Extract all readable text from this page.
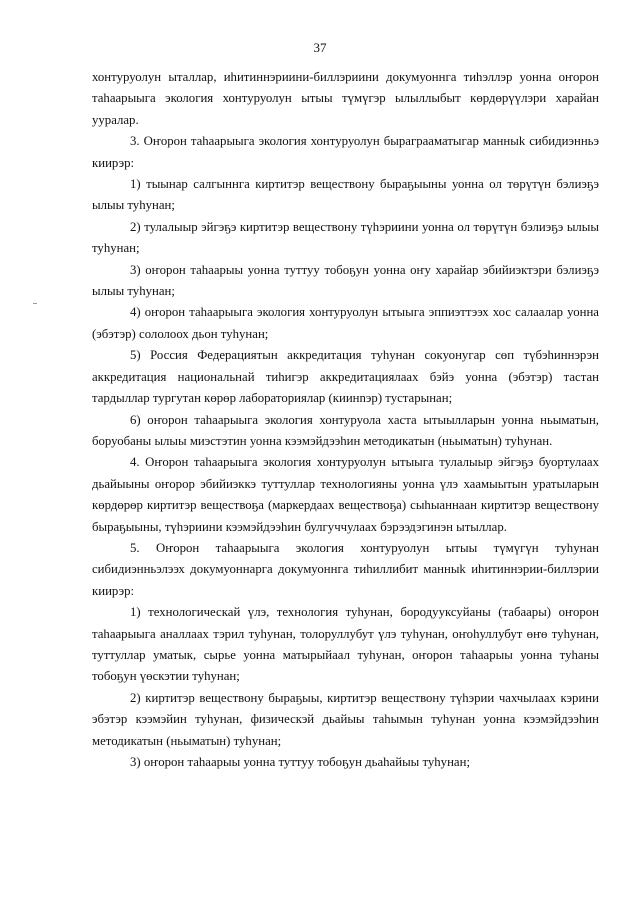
37

хонтуруолун ыталлар, иhитиннэриини-биллэриини докумуоннга тиhэллэр уонна оҥорон таhаарыыга экология хонтуруолун ытыы түмүгэр ылыллыбыт көрдөрүүлэри харайан ууралар.

3. Оҥорон таhаарыыга экология хонтуруолун быраграаматыгар манныk сибидиэнньэ киирэр:

1) тыынар салгыннга киртитэр веществону быраҕыыны уонна ол төрүтүн бэлиэҕэ ылыы туhунан;

2) тулалыыр эйгэҕэ киртитэр веществону түhэриини уонна ол төрүтүн бэлиэҕэ ылыы туhунан;

3) оҥорон таhаарыы уонна туттуу тобоҕун уонна оҥу харайар эбийиэктэри бэлиэҕэ ылыы туhунан;

4) оҥорон таhаарыыга экология хонтуруолун ытыыга эппиэттээх хос салаалар уонна (эбэтэр) сололоох дьон туhунан;

5) Россия Федерациятын аккредитация туhунан сокуонугар сөп түбэhиннэрэн аккредитация национальнай тиhигэр аккредитациялаах бэйэ уонна (эбэтэр) тастан тардыллар тургутан көрөр лабораториялар (киинnэр) тустарынан;

6) оҥорон таhаарыыга экология хонтуруола хаста ытыылларын уонна ньыматын, боруобаны ылыы миэстэтин уонна кээмэйдээhин методикатын (ньыматын) туhунан.

4. Оҥорон таhаарыыга экология хонтуруолун ытыыга тулалыыр эйгэҕэ буортулаах дьайыыны оҥорор эбийиэккэ туттуллар технологияны уонна үлэ хаамыытын уратыларын көрдөрөр киртитэр веществоҕа (маркердаах веществоҕа) сыhыаннаан киртитэр веществону быраҕыыны, түhэриини кээмэйдээhин булгуччулаах бэрээдэгинэн ытыллар.

5. Оҥорон таhаарыыга экология хонтуруолун ытыы түмүгүн туhунан сибидиэнньэлээх докумуоннарга докумуоннга тиhиллибит манныk иhитиннэрии-биллэрии киирэр:

1) технологическай үлэ, технология туhунан, бородууксуйаны (табаары) оҥорон таhаарыыга аналлаах тэрил туhунан, толоруллубут үлэ туhунан, оҥоhуллубут өҥө туhунан, туттуллар уматык, сырье уонна матырыйаал туhунан, оҥорон таhаарыы уонна туhаны тобоҕун үөскэтии туhунан;

2) киртитэр веществону быраҕыы, киртитэр веществону түhэрии чахчылаах кэрини эбэтэр кээмэйин туhунан, физическэй дьайыы таhымын туhунан уонна кээмэйдээhин методикатын (ньыматын) туhунан;

3) оҥорон таhаарыы уонна туттуу тобоҕун дьаhайыы туhунан;
